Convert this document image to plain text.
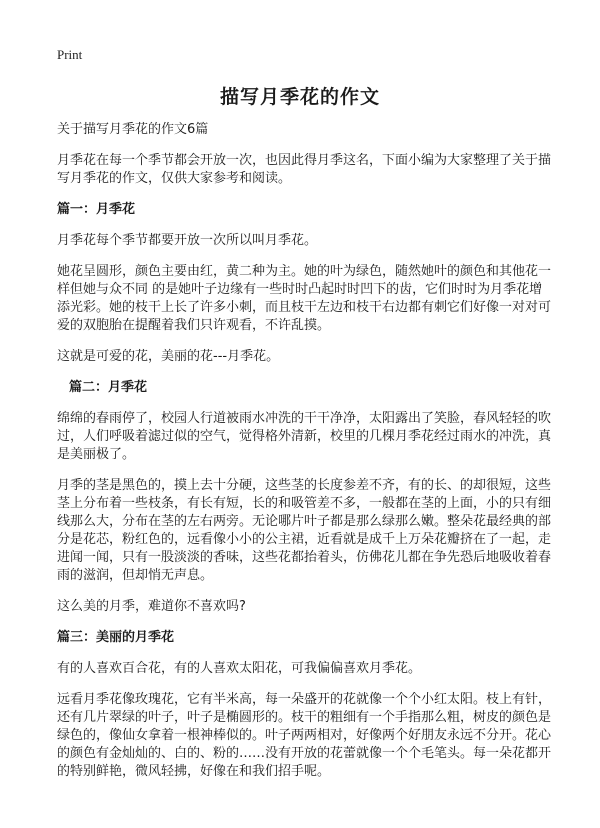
Print
描写月季花的作文

关于描写月季花的作文6篇

月季花在每一个季节都会开放一次，也因此得月季这名，下面小编为大家整理了关于描写月季花的作文，仅供大家参考和阅读。

篇一：月季花

月季花每个季节都要开放一次所以叫月季花。

她花呈圆形，颜色主要由红，黄二种为主。她的叶为绿色，随然她叶的颜色和其他花一样但她与众不同 的是她叶子边缘有一些时时凸起时时凹下的齿，它们时时为月季花增添光彩。她的枝干上长了许多小刺，而且枝干左边和枝干右边都有刺它们好像一对对可爱的双胞胎在提醒着我们只许观看，不许乱摸。

这就是可爱的花，美丽的花---月季花。

篇二：月季花

绵绵的春雨停了，校园人行道被雨水冲洗的干干净净，太阳露出了笑脸，春风轻轻的吹过，人们呼吸着滤过似的空气，觉得格外清新，校里的几棵月季花经过雨水的冲洗，真是美丽极了。

月季的茎是黑色的，摸上去十分硬，这些茎的长度参差不齐，有的长、的却很短，这些茎上分布着一些枝条，有长有短，长的和吸管差不多，一般都在茎的上面，小的只有细线那么大，分布在茎的左右两旁。无论哪片叶子都是那么绿那么嫩。整朵花最经典的部分是花芯，粉红色的，远看像小小的公主裙，近看就是成千上万朵花瓣挤在了一起，走进闻一闻，只有一股淡淡的香味，这些花都抬着头，仿佛花儿都在争先恐后地吸收着春雨的滋润，但却悄无声息。

这么美的月季，难道你不喜欢吗?

篇三：美丽的月季花

有的人喜欢百合花，有的人喜欢太阳花，可我偏偏喜欢月季花。

远看月季花像玫瑰花，它有半米高，每一朵盛开的花就像一个个小红太阳。枝上有针，还有几片翠绿的叶子，叶子是椭圆形的。枝干的粗细有一个手指那么粗，树皮的颜色是绿色的，像仙女拿着一根神棒似的。叶子两两相对，好像两个好朋友永远不分开。花心的颜色有金灿灿的、白的、粉的……没有开放的花蕾就像一个个毛笔头。每一朵花都开的特别鲜艳，微风轻拂，好像在和我们招手呢。
